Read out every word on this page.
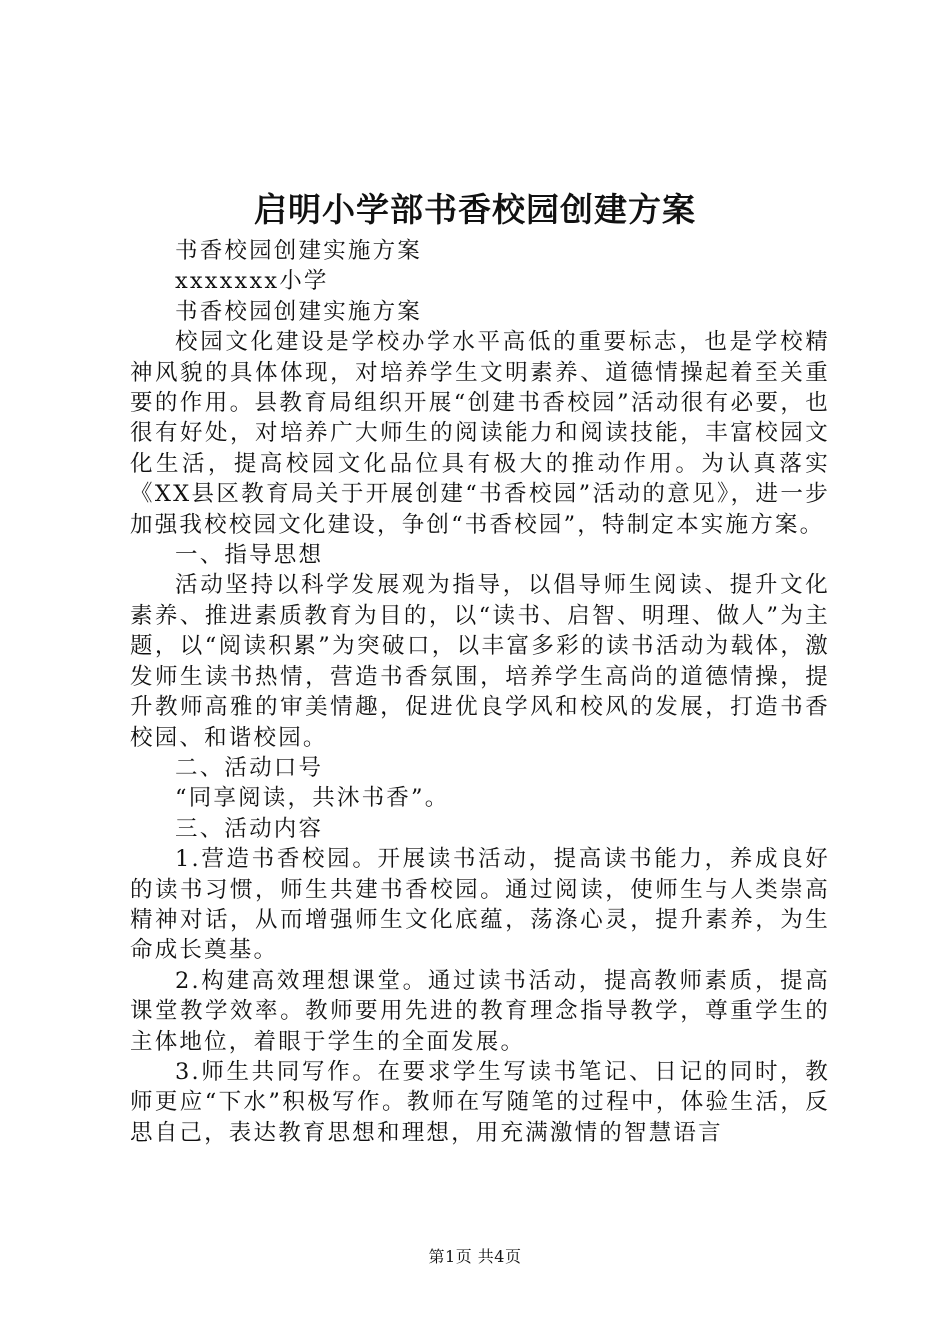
启明小学部书香校园创建方案

书香校园创建实施方案

xxxxxxx小学

书香校园创建实施方案

校园文化建设是学校办学水平高低的重要标志，也是学校精神风貌的具体体现，对培养学生文明素养、道德情操起着至关重要的作用。县教育局组织开展“创建书香校园”活动很有必要，也很有好处，对培养广大师生的阅读能力和阅读技能，丰富校园文化生活，提高校园文化品位具有极大的推动作用。为认真落实《XX县区教育局关于开展创建“书香校园”活动的意见》，进一步加强我校校园文化建设，争创“书香校园”，特制定本实施方案。

一、指导思想

活动坚持以科学发展观为指导，以倡导师生阅读、提升文化素养、推进素质教育为目的，以“读书、启智、明理、做人”为主题，以“阅读积累”为突破口，以丰富多彩的读书活动为载体，激发师生读书热情，营造书香氛围，培养学生高尚的道德情操，提升教师高雅的审美情趣，促进优良学风和校风的发展，打造书香校园、和谐校园。

二、活动口号

“同享阅读，共沐书香”。

三、活动内容

1.营造书香校园。开展读书活动，提高读书能力，养成良好的读书习惯，师生共建书香校园。通过阅读，使师生与人类崇高精神对话，从而增强师生文化底蕴，荡涤心灵，提升素养，为生命成长奠基。

2.构建高效理想课堂。通过读书活动，提高教师素质，提高课堂教学效率。教师要用先进的教育理念指导教学，尊重学生的主体地位，着眼于学生的全面发展。

3.师生共同写作。在要求学生写读书笔记、日记的同时，教师更应“下水”积极写作。教师在写随笔的过程中，体验生活，反思自己，表达教育思想和理想，用充满激情的智慧语言

第1页 共4页
